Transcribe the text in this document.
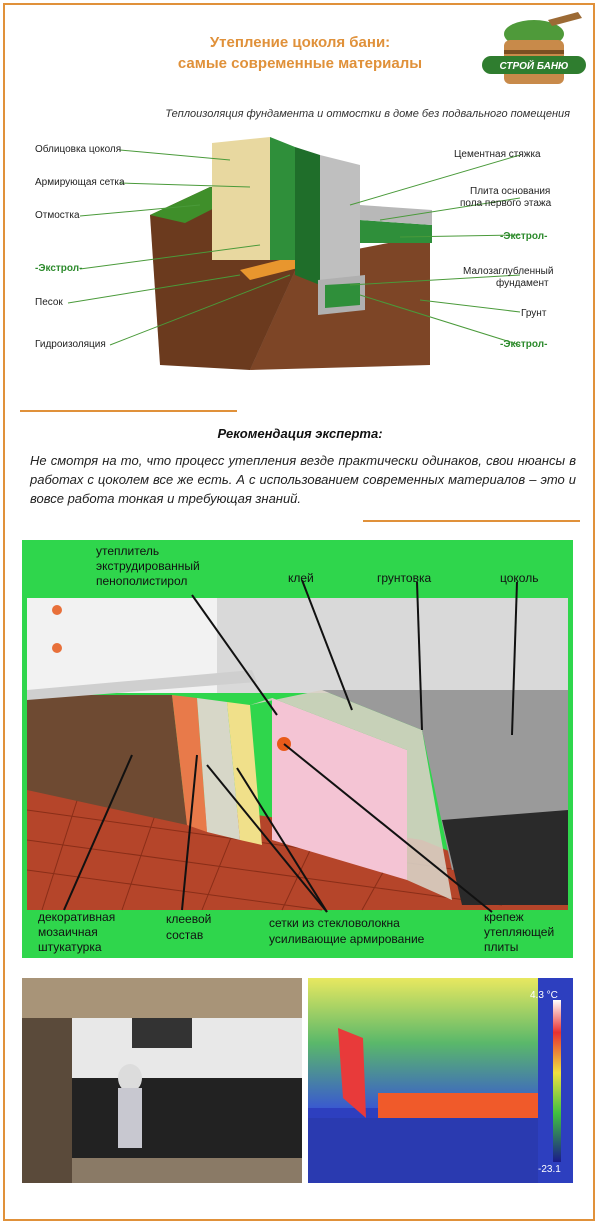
Утепление цоколя бани:
самые современные материалы	СТРОЙ БАНЮ
Теплоизоляция фундамента и отмостки в доме без подвального помещения
Облицовка цоколя
Армирующая сетка
Отмостка
-Экстрол-
Песок
Гидроизоляция
Цементная стяжка
Плита основания
пола первого этажа
-Экстрол-
Малозаглубленный
фундамент
Грунт
-Экстрол-
Рекомендация эксперта:
Не смотря на то, что процесс утепления везде практически одинаков, свои нюансы в работах с цоколем все же есть. А с использованием современных материалов – это и вовсе работа тонкая и требующая знаний.
утеплитель
экструдированный
пенополистирол	клей	грунтовка	цоколь
декоративная
мозаичная
штукатурка
клеевой
состав
сетки из стекловолокна
усиливающие армирование
крепеж
утепляющей
плиты
4.3 °C
-23.1
